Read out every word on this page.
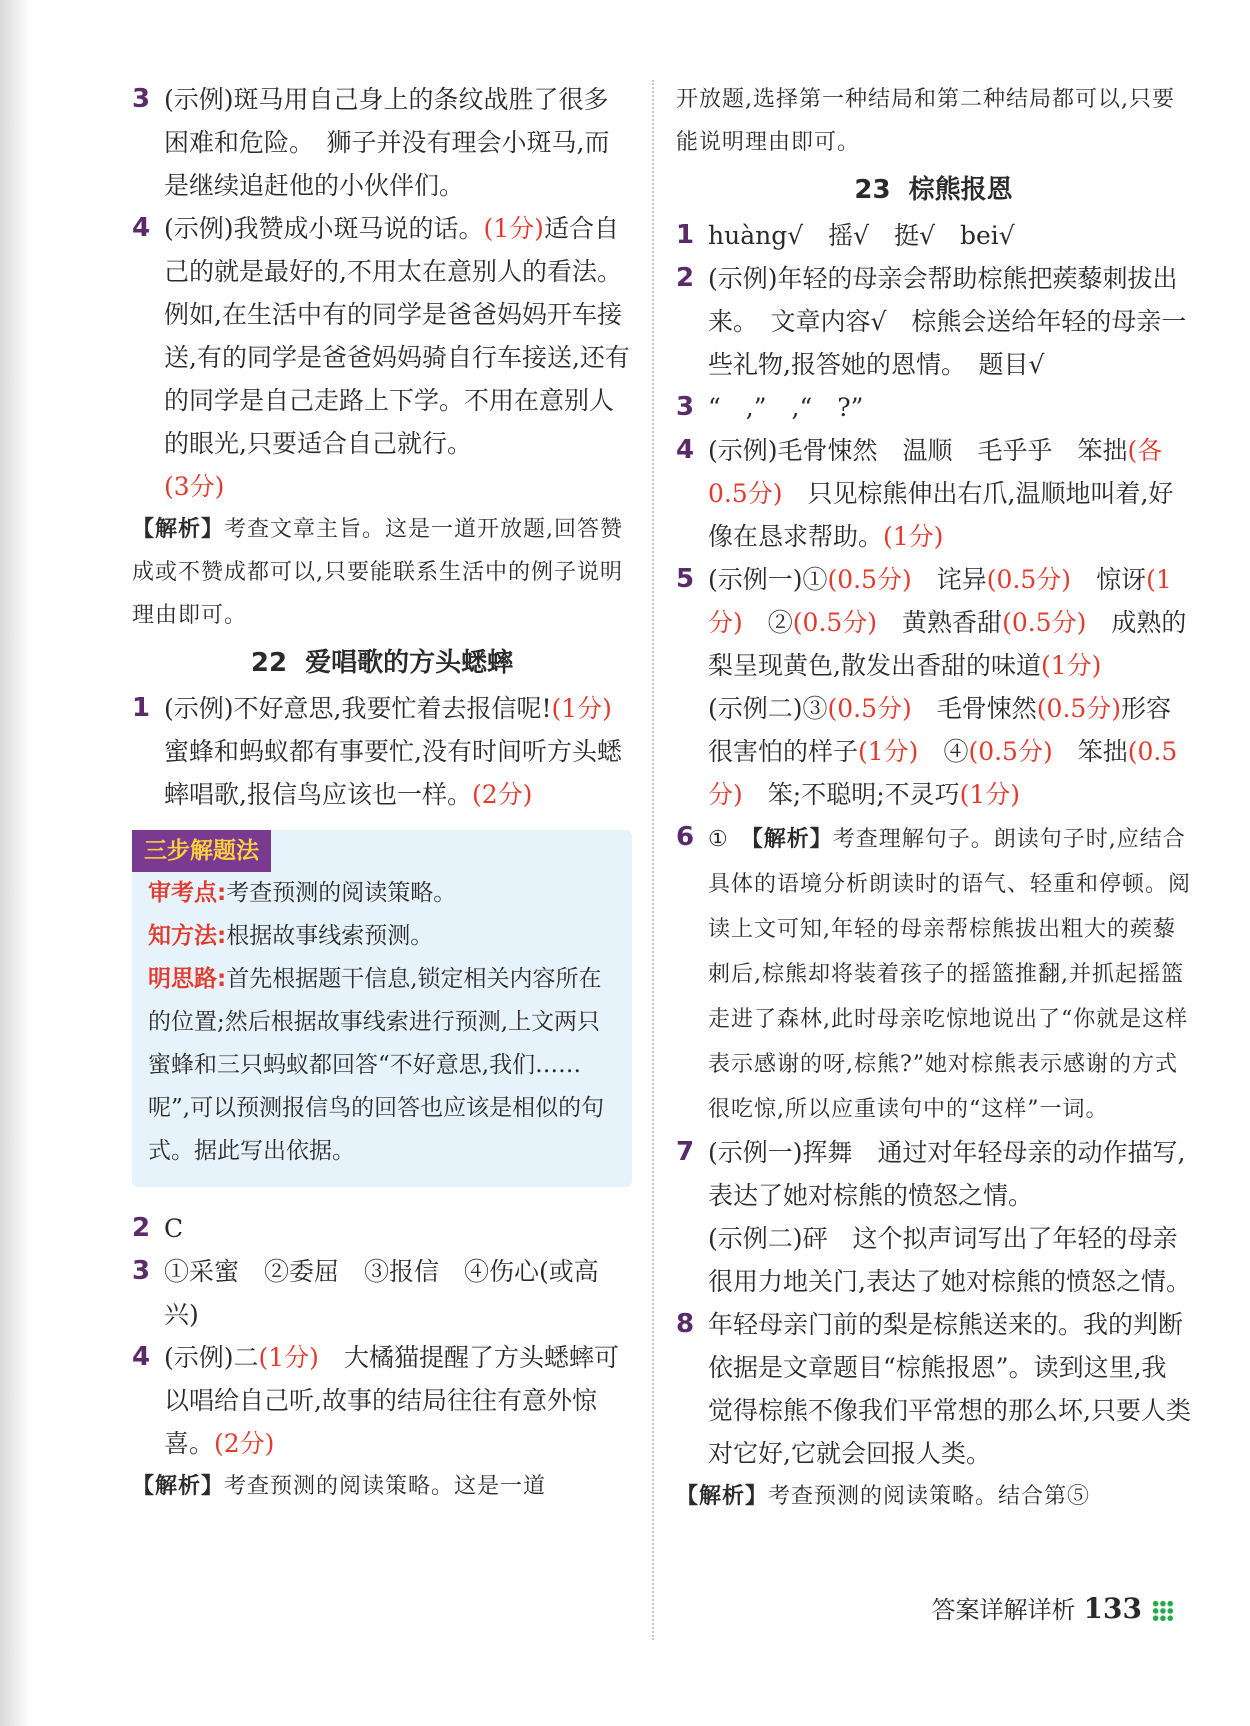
3 (示例)斑马用自己身上的条纹战胜了很多困难和危险。　狮子并没有理会小斑马,而是继续追赶他的小伙伴们。
4 (示例)我赞成小斑马说的话。(1分)适合自己的就是最好的,不用太在意别人的看法。例如,在生活中有的同学是爸爸妈妈开车接送,有的同学是爸爸妈妈骑自行车接送,还有的同学是自己走路上下学。不用在意别人的眼光,只要适合自己就行。
(3分)
【解析】考查文章主旨。这是一道开放题,回答赞成或不赞成都可以,只要能联系生活中的例子说明理由即可。
22 爱唱歌的方头蟋蟀
1 (示例)不好意思,我要忙着去报信呢!(1分)　蜜蜂和蚂蚁都有事要忙,没有时间听方头蟋蟀唱歌,报信鸟应该也一样。(2分)
三步解题法
审考点:考查预测的阅读策略。
知方法:根据故事线索预测。
明思路:首先根据题干信息,锁定相关内容所在的位置;然后根据故事线索进行预测,上文两只蜜蜂和三只蚂蚁都回答“不好意思,我们……呢”,可以预测报信鸟的回答也应该是相似的句式。据此写出依据。
2 C
3 ①采蜜　②委屈　③报信　④伤心(或高兴)
4 (示例)二(1分)　大橘猫提醒了方头蟋蟀可以唱给自己听,故事的结局往往有意外惊喜。(2分)
【解析】考查预测的阅读策略。这是一道
开放题,选择第一种结局和第二种结局都可以,只要能说明理由即可。
23 棕熊报恩
1 huàng√　摇√　挺√　bei√
2 (示例)年轻的母亲会帮助棕熊把蒺藜刺拔出来。　文章内容√　棕熊会送给年轻的母亲一些礼物,报答她的恩情。　题目√
3 “　,”　,“　?”
4 (示例)毛骨悚然　温顺　毛乎乎　笨拙(各0.5分)　只见棕熊伸出右爪,温顺地叫着,好像在恳求帮助。(1分)
5 (示例一)①(0.5分)　诧异(0.5分)　惊讶(1分)　②(0.5分)　黄熟香甜(0.5分)　成熟的梨呈现黄色,散发出香甜的味道(1分)
(示例二)③(0.5分)　毛骨悚然(0.5分)形容很害怕的样子(1分)　④(0.5分)　笨拙(0.5分)　笨;不聪明;不灵巧(1分)
6 ①　【解析】考查理解句子。朗读句子时,应结合具体的语境分析朗读时的语气、轻重和停顿。阅读上文可知,年轻的母亲帮棕熊拔出粗大的蒺藜刺后,棕熊却将装着孩子的摇篮推翻,并抓起摇篮走进了森林,此时母亲吃惊地说出了“你就是这样表示感谢的呀,棕熊?”她对棕熊表示感谢的方式很吃惊,所以应重读句中的“这样”一词。
7 (示例一)挥舞　通过对年轻母亲的动作描写,表达了她对棕熊的愤怒之情。
(示例二)砰　这个拟声词写出了年轻的母亲很用力地关门,表达了她对棕熊的愤怒之情。
8 年轻母亲门前的梨是棕熊送来的。我的判断依据是文章题目“棕熊报恩”。读到这里,我觉得棕熊不像我们平常想的那么坏,只要人类对它好,它就会回报人类。
【解析】考查预测的阅读策略。结合第⑤
答案详解详析 133
